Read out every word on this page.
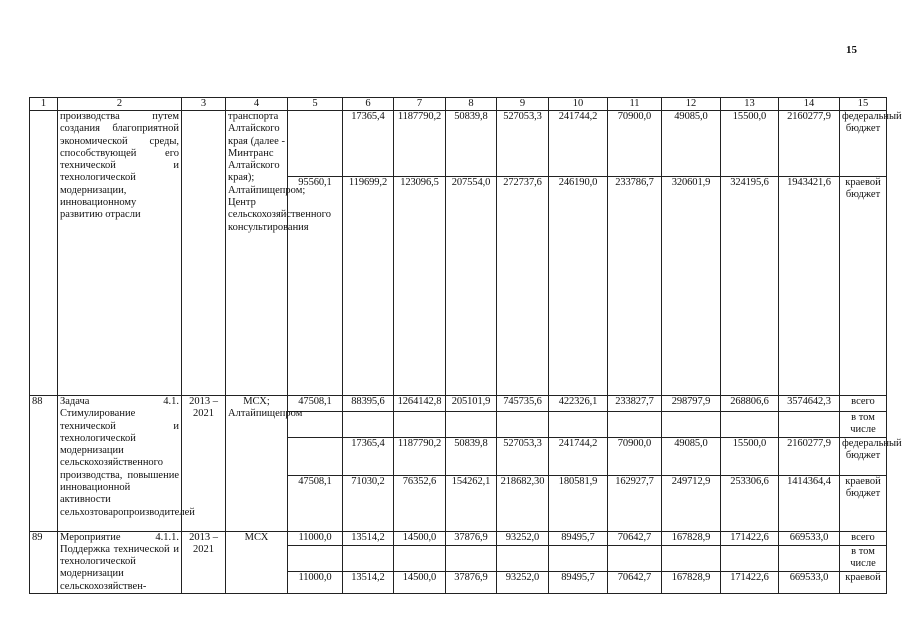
15
1	2	3	4	5	6	7	8	9	10	11	12	13	14	15
	производства путем создания благоприятной экономической среды, способствующей его технической и технологической модернизации, инновационному развитию отрасли		транспорта Алтайского края (далее - Минтранс Алтайского края); Алтайпищепром; Центр сельскохозяйственного консультирования		17365,4	1187790,2	50839,8	527053,3	241744,2	70900,0	49085,0	15500,0	2160277,9	федеральный бюджет
				95560,1	119699,2	123096,5	207554,0	272737,6	246190,0	233786,7	320601,9	324195,6	1943421,6	краевой бюджет
88	Задача 4.1. Стимулирование технической и технологической модернизации сельскохозяйственного производства, повышение инновационной активности сельхозтоваропроизводителей	2013 – 2021	МСХ; Алтайпищепром	47508,1	88395,6	1264142,8	205101,9	745735,6	422326,1	233827,7	298797,9	268806,6	3574642,3	всего
														в том числе
					17365,4	1187790,2	50839,8	527053,3	241744,2	70900,0	49085,0	15500,0	2160277,9	федеральный бюджет
				47508,1	71030,2	76352,6	154262,1	218682,30	180581,9	162927,7	249712,9	253306,6	1414364,4	краевой бюджет
89	Мероприятие 4.1.1. Поддержка технической и технологической модернизации сельскохозяйствен-	2013 – 2021	МСХ	11000,0	13514,2	14500,0	37876,9	93252,0	89495,7	70642,7	167828,9	171422,6	669533,0	всего
														в том числе
				11000,0	13514,2	14500,0	37876,9	93252,0	89495,7	70642,7	167828,9	171422,6	669533,0	краевой
